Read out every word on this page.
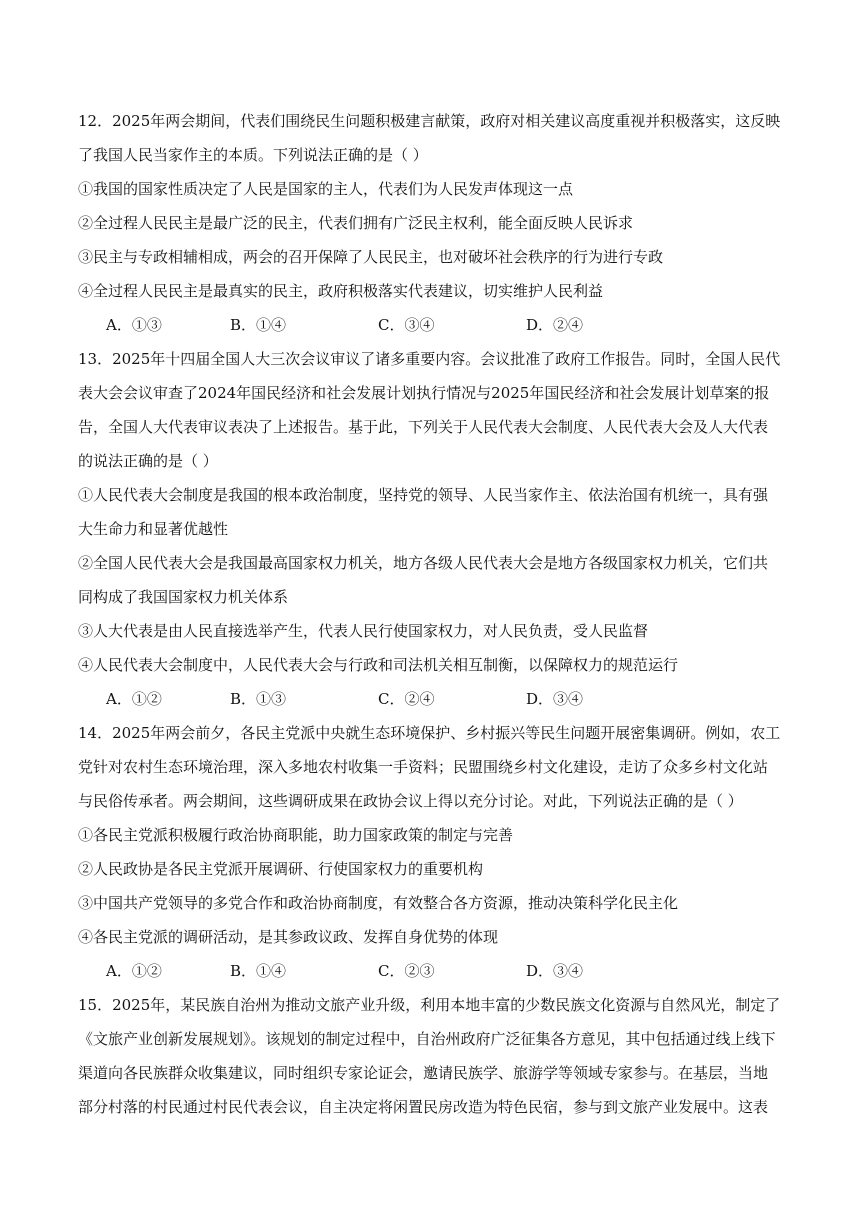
12．2025年两会期间，代表们围绕民生问题积极建言献策，政府对相关建议高度重视并积极落实，这反映
了我国人民当家作主的本质。下列说法正确的是（ ）
①我国的国家性质决定了人民是国家的主人，代表们为人民发声体现这一点
②全过程人民民主是最广泛的民主，代表们拥有广泛民主权利，能全面反映人民诉求
③民主与专政相辅相成，两会的召开保障了人民民主，也对破坏社会秩序的行为进行专政
④全过程人民民主是最真实的民主，政府积极落实代表建议，切实维护人民利益
A．①③	B．①④	C．③④	D．②④
13．2025年十四届全国人大三次会议审议了诸多重要内容。会议批准了政府工作报告。同时，全国人民代
表大会会议审查了2024年国民经济和社会发展计划执行情况与2025年国民经济和社会发展计划草案的报
告，全国人大代表审议表决了上述报告。基于此，下列关于人民代表大会制度、人民代表大会及人大代表
的说法正确的是（ ）
①人民代表大会制度是我国的根本政治制度，坚持党的领导、人民当家作主、依法治国有机统一，具有强
大生命力和显著优越性
②全国人民代表大会是我国最高国家权力机关，地方各级人民代表大会是地方各级国家权力机关，它们共
同构成了我国国家权力机关体系
③人大代表是由人民直接选举产生，代表人民行使国家权力，对人民负责，受人民监督
④人民代表大会制度中，人民代表大会与行政和司法机关相互制衡，以保障权力的规范运行
A．①②	B．①③	C．②④	D．③④
14．2025年两会前夕，各民主党派中央就生态环境保护、乡村振兴等民生问题开展密集调研。例如，农工
党针对农村生态环境治理，深入多地农村收集一手资料；民盟围绕乡村文化建设，走访了众多乡村文化站
与民俗传承者。两会期间，这些调研成果在政协会议上得以充分讨论。对此，下列说法正确的是（ ）
①各民主党派积极履行政治协商职能，助力国家政策的制定与完善
②人民政协是各民主党派开展调研、行使国家权力的重要机构
③中国共产党领导的多党合作和政治协商制度，有效整合各方资源，推动决策科学化民主化
④各民主党派的调研活动，是其参政议政、发挥自身优势的体现
A．①②	B．①④	C．②③	D．③④
15．2025年，某民族自治州为推动文旅产业升级，利用本地丰富的少数民族文化资源与自然风光，制定了
《文旅产业创新发展规划》。该规划的制定过程中，自治州政府广泛征集各方意见，其中包括通过线上线下
渠道向各民族群众收集建议，同时组织专家论证会，邀请民族学、旅游学等领域专家参与。在基层，当地
部分村落的村民通过村民代表会议，自主决定将闲置民房改造为特色民宿，参与到文旅产业发展中。这表
